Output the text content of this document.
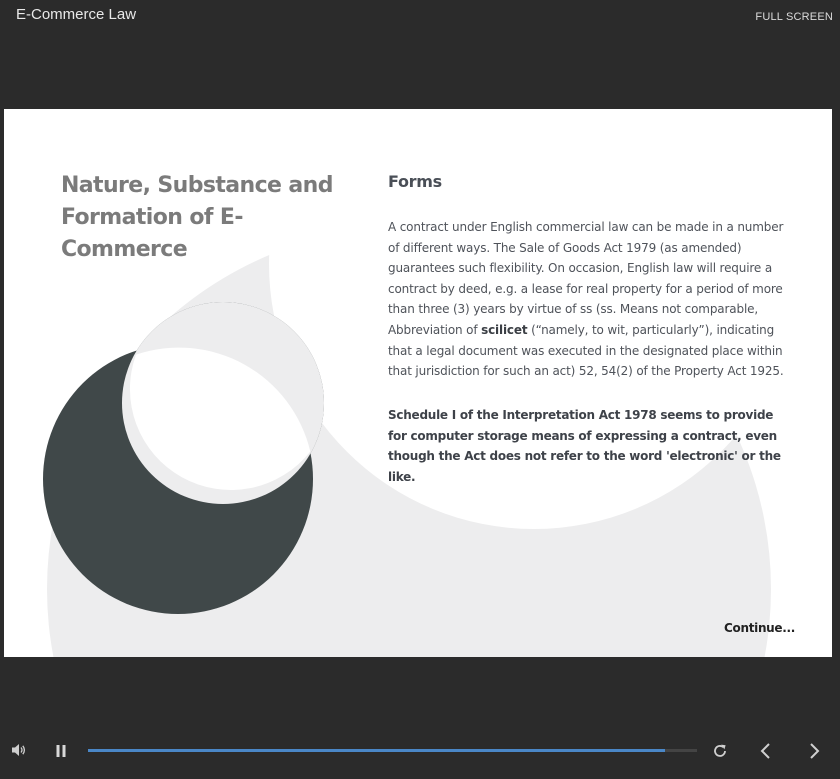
E-Commerce Law	FULL SCREEN
Nature, Substance and Formation of E-Commerce
Forms
A contract under English commercial law can be made in a number of different ways. The Sale of Goods Act 1979 (as amended) guarantees such flexibility. On occasion, English law will require a contract by deed, e.g. a lease for real property for a period of more than three (3) years by virtue of ss (ss. Means not comparable, Abbreviation of scilicet (“namely, to wit, particularly”), indicating that a legal document was executed in the designated place within that jurisdiction for such an act) 52, 54(2) of the Property Act 1925.
Schedule I of the Interpretation Act 1978 seems to provide for computer storage means of expressing a contract, even though the Act does not refer to the word 'electronic' or the like.
Continue...
